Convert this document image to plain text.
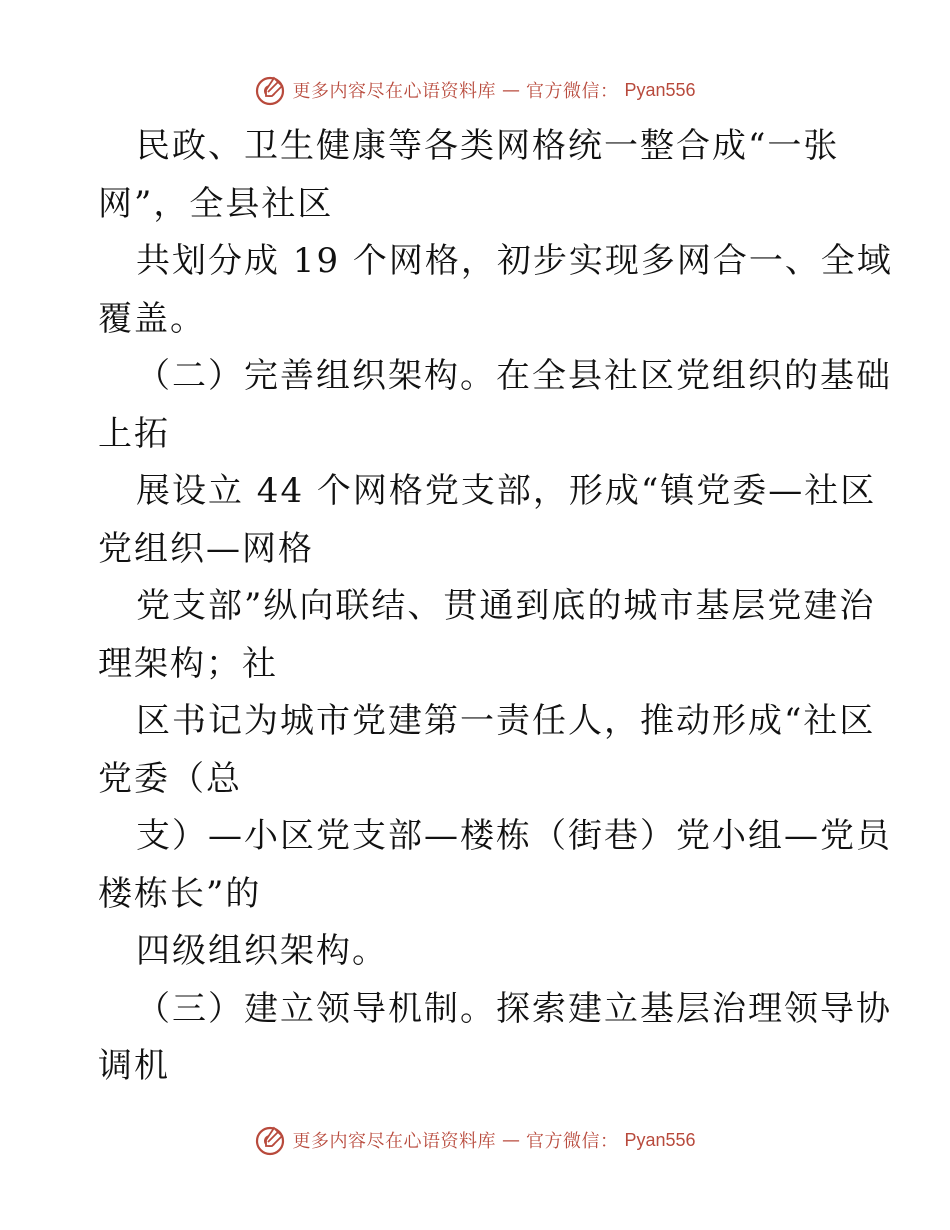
更多内容尽在心语资料库 — 官方微信： Pyan556
民政、卫生健康等各类网格统一整合成“一张
网”，全县社区
共划分成 19 个网格，初步实现多网合一、全域
覆盖。
（二）完善组织架构。在全县社区党组织的基础
上拓
展设立 44 个网格党支部，形成“镇党委—社区
党组织—网格
党支部”纵向联结、贯通到底的城市基层党建治
理架构；社
区书记为城市党建第一责任人，推动形成“社区
党委（总
支）—小区党支部—楼栋（街巷）党小组—党员
楼栋长”的
四级组织架构。
（三）建立领导机制。探索建立基层治理领导协
调机
更多内容尽在心语资料库 — 官方微信： Pyan556
